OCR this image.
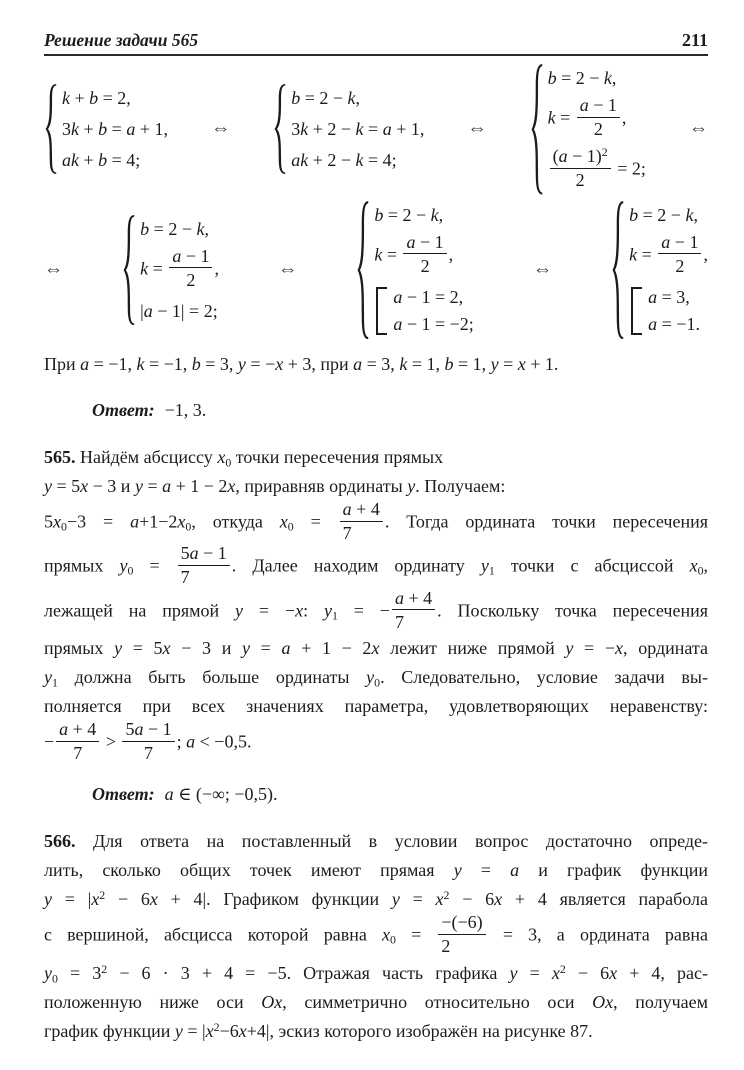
Решение задачи 565	211
k + b = 2,
3k + b = a + 1,
ak + b = 4;
⇔
b = 2 − k,
3k + 2 − k = a + 1,
ak + 2 − k = 4;
⇔
b = 2 − k,
$k = \frac{a - 1}{2}$ ,
$\frac{(a - 1)^2}{2} = 2$;
⇔
⇔
b = 2 − k,
$k = \frac{a - 1}{2}$ ,
|a − 1| = 2;
⇔
b = 2 − k,
$k = \frac{a - 1}{2}$ ,
a − 1 = 2,
a − 1 = −2;
⇔
b = 2 − k,
$k = \frac{a - 1}{2}$ ,
a = 3,
a = −1.
При a = −1, k = −1, b = 3, y = −x + 3, при a = 3, k = 1, b = 1, y = x + 1.
Ответ: −1, 3.
565. Найдём абсциссу $x_0$ точки пересечения прямых
y = 5x − 3 и y = a + 1 − 2x, приравняв ординаты y. Получаем:
$5x_0-3 = a+1-2x_0$, откуда $x_0 = \frac{a + 4}{7}$ . Тогда ордината точки пересечения
прямых $y_0 = \frac{5a - 1}{7}$ . Далее находим ординату $y_1$ точки с абсциссой $x_0$,
лежащей на прямой y = −x: $y_1$ = − $\frac{a + 4}{7}$ . Поскольку точка пересечения
прямых y = 5x − 3 и y = a + 1 − 2x лежит ниже прямой y = −x, ордината
$y_1$ должна быть больше ординаты $y_0$. Следовательно, условие задачи вы-
полняется при всех значениях параметра, удовлетворяющих неравенству:
− $\frac{a + 4}{7} > \frac{5a - 1}{7}$ ; a < −0,5.
Ответ: a ∈ (−∞; −0,5).
566. Для ответа на поставленный в условии вопрос достаточно опреде-
лить, сколько общих точек имеют прямая y = a и график функции
$y = |x^2 - 6x + 4|$. Графиком функции $y = x^2 - 6x + 4$ является парабола
с вершиной, абсцисса которой равна $x_0 = \frac{-(-6)}{2} = 3$, а ордината равна
$y_0 = 3^2 - 6 \cdot 3 + 4 = -5$. Отражая часть графика $y = x^2 - 6x + 4$, рас-
положенную ниже оси Ox, симметрично относительно оси Ox, получаем
график функции $y = |x^2-6x+4|$, эскиз которого изображён на рисунке 87.
